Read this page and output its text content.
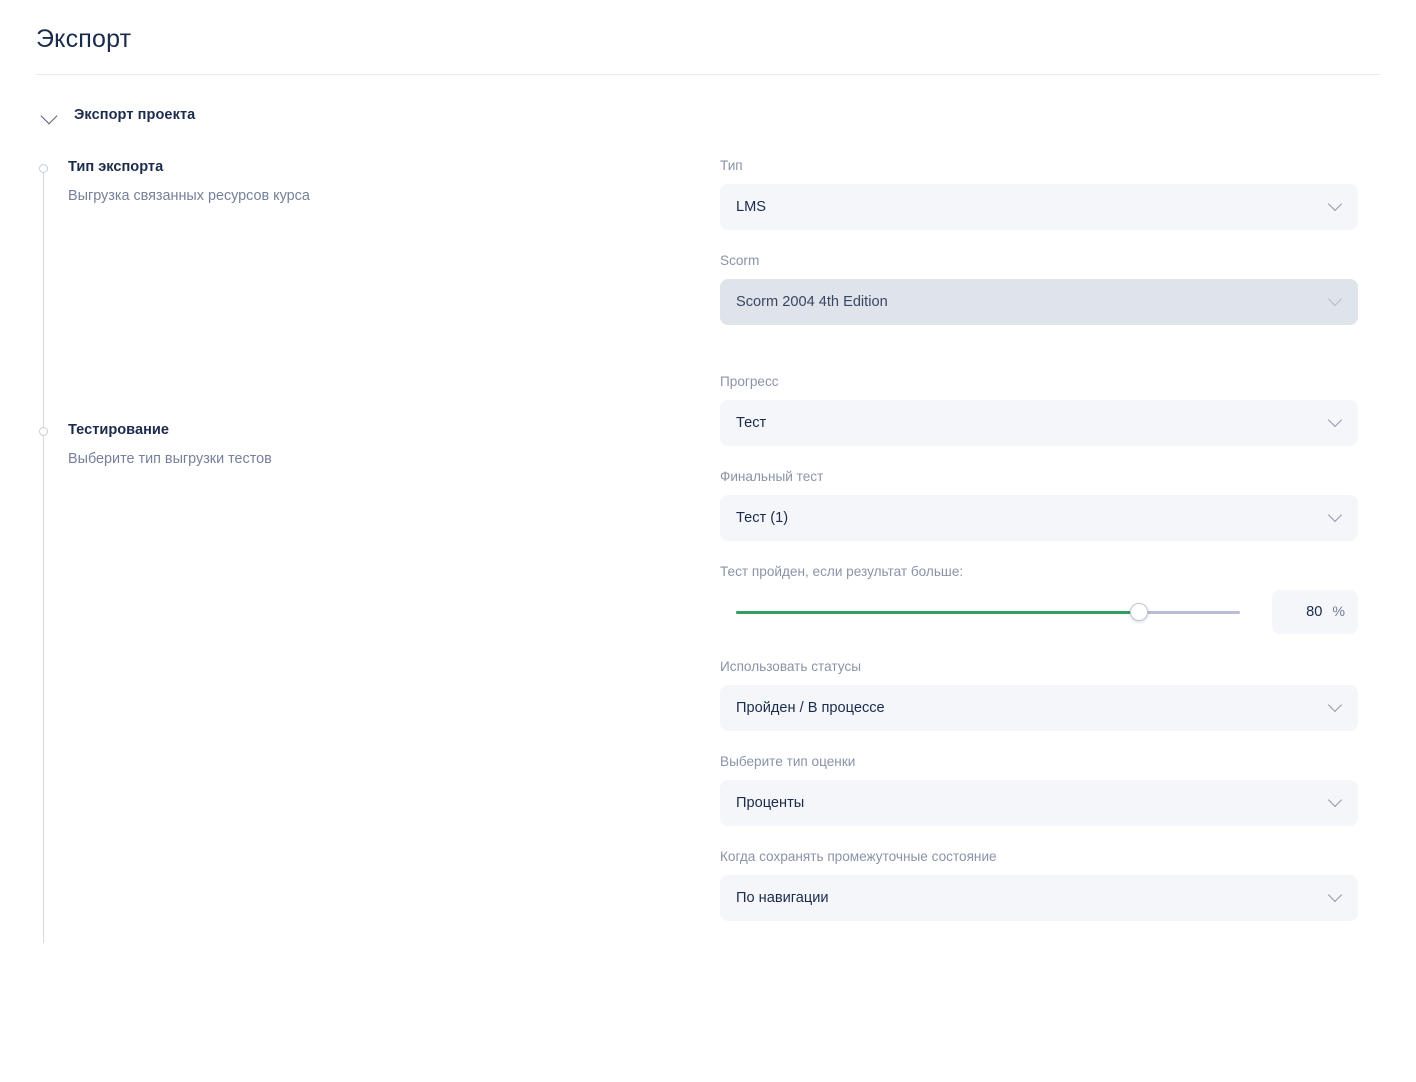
Экспорт
Экспорт проекта
Тип экспорта
Выгрузка связанных ресурсов курса
Тестирование
Выберите тип выгрузки тестов
Тип
LMS
Scorm
Scorm 2004 4th Edition
Прогресс
Тест
Финальный тест
Тест (1)
Тест пройден, если результат больше:
80 %
Использовать статусы
Пройден / В процессе
Выберите тип оценки
Проценты
Когда сохранять промежуточные состояние
По навигации
